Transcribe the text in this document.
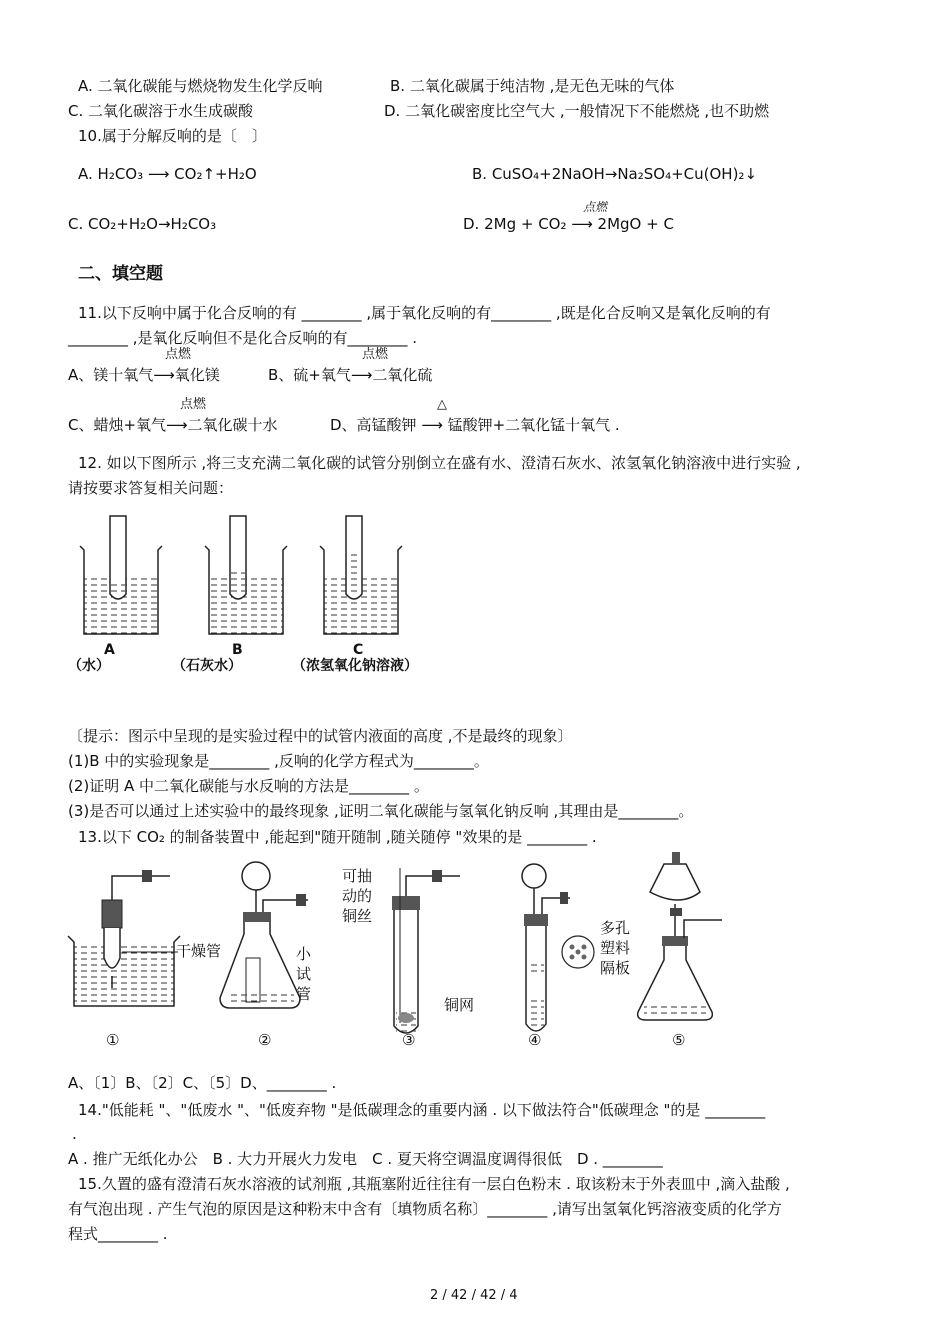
A. 二氧化碳能与燃烧物发生化学反响	B. 二氧化碳属于纯洁物 ,是无色无味的气体
C. 二氧化碳溶于水生成碳酸	D. 二氧化碳密度比空气大 ,一般情况下不能燃烧 ,也不助燃
10.属于分解反响的是〔　〕
A. H₂CO₃ ⟶ CO₂↑+H₂O	B. CuSO₄+2NaOH→Na₂SO₄+Cu(OH)₂↓
C. CO₂+H₂O→H₂CO₃	D. 2Mg + CO₂ ⟶ 2MgO + C
点燃
二、填空题
11.以下反响中属于化合反响的有 ________ ,属于氧化反响的有________ ,既是化合反响又是氧化反响的有
________ ,是氧化反响但不是化合反响的有________ .
点燃	点燃
A、镁十氧气⟶氧化镁	B、硫+氧气⟶二氧化硫
点燃	△
C、蜡烛+氧气⟶二氧化碳十水	D、高锰酸钾 ⟶ 锰酸钾+二氧化锰十氧气 .
12. 如以下图所示 ,将三支充满二氧化碳的试管分别倒立在盛有水、澄清石灰水、浓氢氧化钠溶液中进行实验 ,
请按要求答复相关问题：
A	B	C
（水）	（石灰水）	（浓氢氧化钠溶液）
〔提示：图示中呈现的是实验过程中的试管内液面的高度 ,不是最终的现象〕
(1)B 中的实验现象是________ ,反响的化学方程式为________。
(2)证明 A 中二氧化碳能与水反响的方法是________ 。
(3)是否可以通过上述实验中的最终现象 ,证明二氧化碳能与氢氧化钠反响 ,其理由是________。
13.以下 CO₂ 的制备装置中 ,能起到"随开随制 ,随关随停 "效果的是 ________ .
干燥管	小
试
管
可抽
动的
铜丝
铜网
多孔
塑料
隔板
①	②	③	④	⑤
A、〔1〕B、〔2〕C、〔5〕D、________ .
14."低能耗 "、"低废水 "、"低废弃物 "是低碳理念的重要内涵 . 以下做法符合"低碳理念 "的是 ________
.
A . 推广无纸化办公　B . 大力开展火力发电　C . 夏天将空调温度调得很低　D . ________
15.久置的盛有澄清石灰水溶液的试剂瓶 ,其瓶塞附近往往有一层白色粉末 . 取该粉末于外表皿中 ,滴入盐酸 ,
有气泡出现 . 产生气泡的原因是这种粉末中含有〔填物质名称〕________ ,请写出氢氧化钙溶液变质的化学方
程式________ .
2 / 42 / 42 / 4
